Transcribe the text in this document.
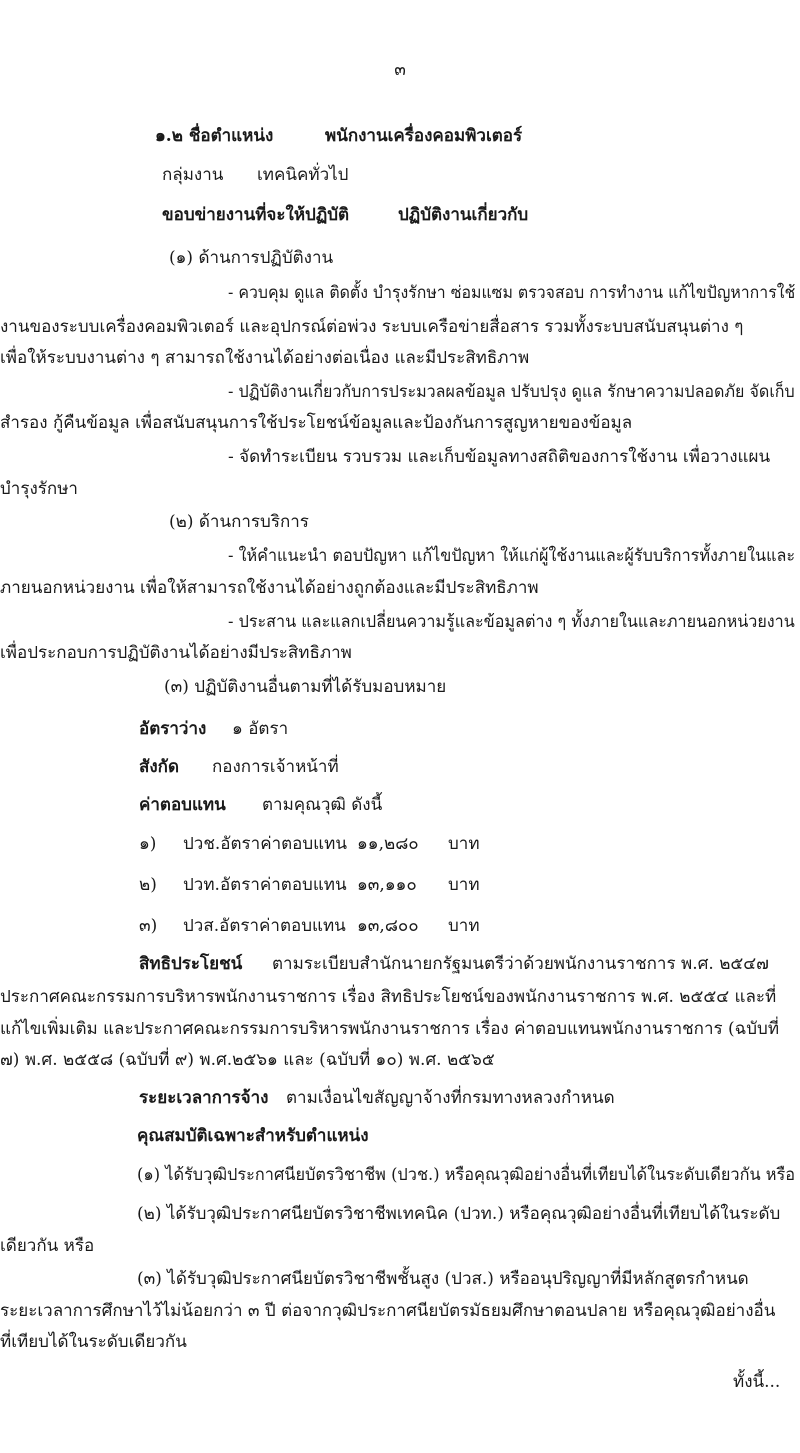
๓
๑.๒ ชื่อตำแหน่ง	พนักงานเครื่องคอมพิวเตอร์
กลุ่มงาน เทคนิคทั่วไป
ขอบข่ายงานที่จะให้ปฏิบัติ	ปฏิบัติงานเกี่ยวกับ
(๑) ด้านการปฏิบัติงาน
- ควบคุม ดูแล ติดตั้ง บำรุงรักษา ซ่อมแซม ตรวจสอบ การทำงาน แก้ไขปัญหาการใช้
งานของระบบเครื่องคอมพิวเตอร์ และอุปกรณ์ต่อพ่วง ระบบเครือข่ายสื่อสาร รวมทั้งระบบสนับสนุนต่าง ๆ
เพื่อให้ระบบงานต่าง ๆ สามารถใช้งานได้อย่างต่อเนื่อง และมีประสิทธิภาพ
- ปฏิบัติงานเกี่ยวกับการประมวลผลข้อมูล ปรับปรุง ดูแล รักษาความปลอดภัย จัดเก็บ
สำรอง กู้คืนข้อมูล เพื่อสนับสนุนการใช้ประโยชน์ข้อมูลและป้องกันการสูญหายของข้อมูล
- จัดทำระเบียน รวบรวม และเก็บข้อมูลทางสถิติของการใช้งาน เพื่อวางแผน
บำรุงรักษา
(๒) ด้านการบริการ
- ให้คำแนะนำ ตอบปัญหา แก้ไขปัญหา ให้แก่ผู้ใช้งานและผู้รับบริการทั้งภายในและ
ภายนอกหน่วยงาน เพื่อให้สามารถใช้งานได้อย่างถูกต้องและมีประสิทธิภาพ
- ประสาน และแลกเปลี่ยนความรู้และข้อมูลต่าง ๆ ทั้งภายในและภายนอกหน่วยงาน
เพื่อประกอบการปฏิบัติงานได้อย่างมีประสิทธิภาพ
(๓) ปฏิบัติงานอื่นตามที่ได้รับมอบหมาย
อัตราว่าง ๑ อัตรา
สังกัด กองการเจ้าหน้าที่
ค่าตอบแทน ตามคุณวุฒิ ดังนี้
๑) ปวช.อัตราค่าตอบแทน ๑๑,๒๘๐ บาท
๒) ปวท.อัตราค่าตอบแทน ๑๓,๑๑๐ บาท
๓) ปวส.อัตราค่าตอบแทน ๑๓,๘๐๐ บาท
สิทธิประโยชน์ ตามระเบียบสำนักนายกรัฐมนตรีว่าด้วยพนักงานราชการ พ.ศ. ๒๕๔๗
ประกาศคณะกรรมการบริหารพนักงานราชการ เรื่อง สิทธิประโยชน์ของพนักงานราชการ พ.ศ. ๒๕๕๔ และที่
แก้ไขเพิ่มเติม และประกาศคณะกรรมการบริหารพนักงานราชการ เรื่อง ค่าตอบแทนพนักงานราชการ (ฉบับที่
๗) พ.ศ. ๒๕๕๘ (ฉบับที่ ๙) พ.ศ.๒๕๖๑ และ (ฉบับที่ ๑๐) พ.ศ. ๒๕๖๕
ระยะเวลาการจ้าง ตามเงื่อนไขสัญญาจ้างที่กรมทางหลวงกำหนด
คุณสมบัติเฉพาะสำหรับตำแหน่ง
(๑) ได้รับวุฒิประกาศนียบัตรวิชาชีพ (ปวช.) หรือคุณวุฒิอย่างอื่นที่เทียบได้ในระดับเดียวกัน หรือ
(๒) ได้รับวุฒิประกาศนียบัตรวิชาชีพเทคนิค (ปวท.) หรือคุณวุฒิอย่างอื่นที่เทียบได้ในระดับ
เดียวกัน หรือ
(๓) ได้รับวุฒิประกาศนียบัตรวิชาชีพชั้นสูง (ปวส.) หรืออนุปริญญาที่มีหลักสูตรกำหนด
ระยะเวลาการศึกษาไว้ไม่น้อยกว่า ๓ ปี ต่อจากวุฒิประกาศนียบัตรมัธยมศึกษาตอนปลาย หรือคุณวุฒิอย่างอื่น
ที่เทียบได้ในระดับเดียวกัน
ทั้งนี้...
